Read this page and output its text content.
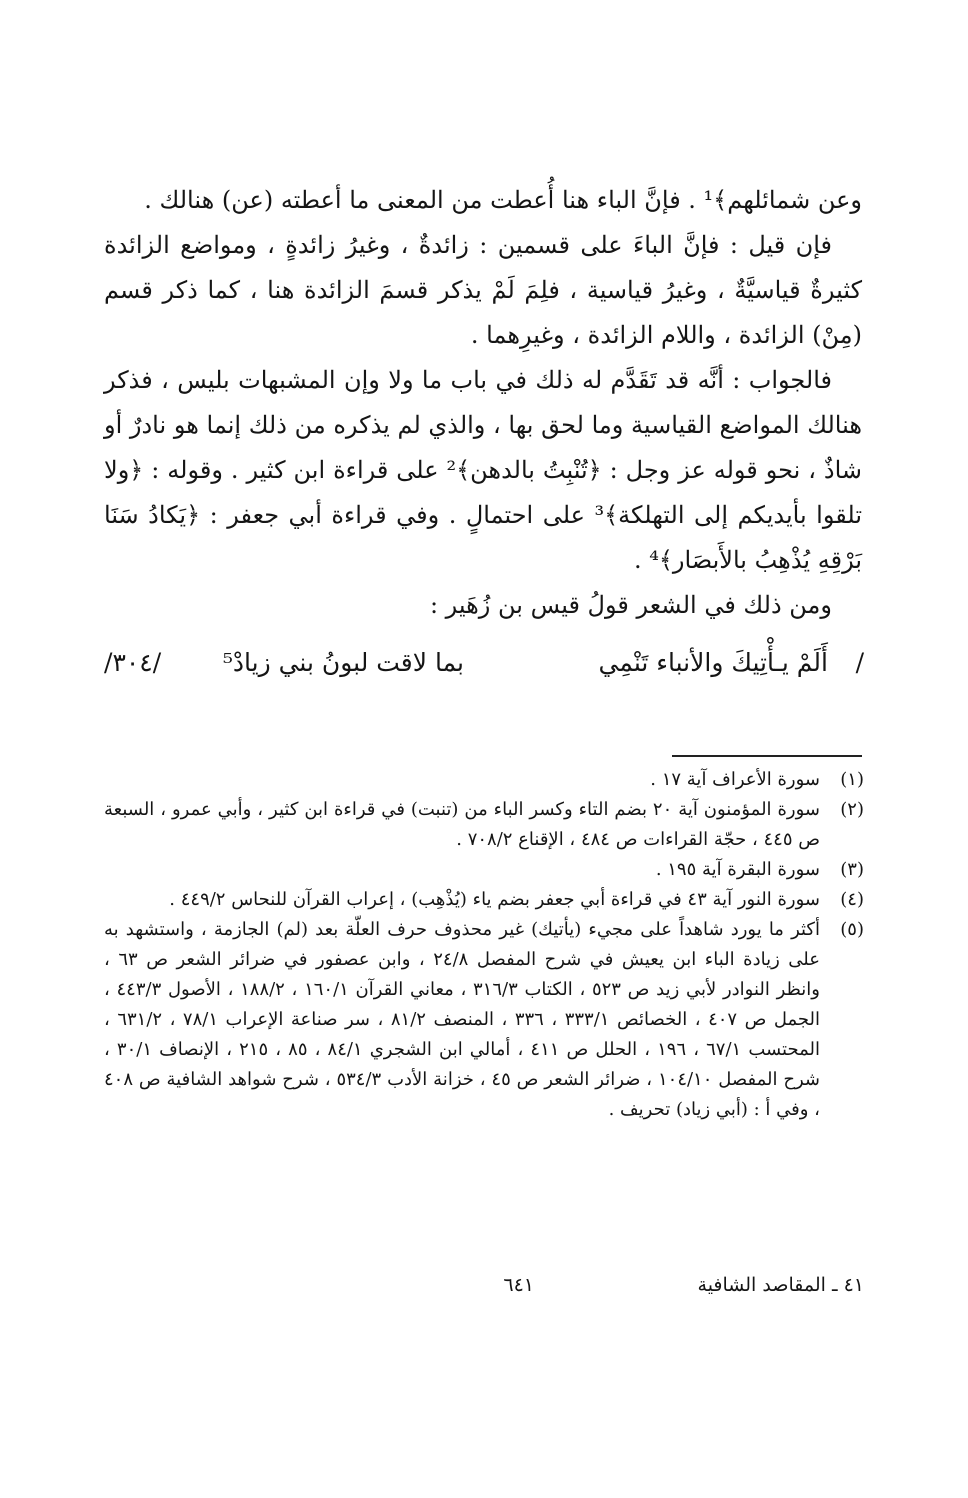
وعن شمائلهم﴾¹ . فإنَّ الباء هنا أُعطت من المعنى ما أعطته (عن) هنالك .

فإن قيل : فإنَّ الباءَ على قسمين : زائدةٌ ، وغيرُ زائدةٍ ، ومواضع الزائدة كثيرةٌ قياسيَّةٌ ، وغيرُ قياسية ، فلِمَ لَمْ يذكر قسمَ الزائدة هنا ، كما ذكر قسم (مِنْ) الزائدة ، واللام الزائدة ، وغيرِهما .

فالجواب : أنَّه قد تَقَدَّم له ذلك في باب ما ولا وإن المشبهات بليس ، فذكر هنالك المواضع القياسية وما لحق بها ، والذي لم يذكره من ذلك إنما هو نادرٌ أو شاذٌ ، نحو قوله عز وجل : ﴿تُنْبِتُ بالدهن﴾² على قراءة ابن كثير . وقوله : ﴿ولا تلقوا بأيديكم إلى التهلكة﴾³ على احتمالٍ . وفي قراءة أبي جعفر : ﴿يَكادُ سَنَا بَرْقِهِ يُذْهِبُ بالأَبصَار﴾⁴ .

ومن ذلك في الشعر قولُ قيس بن زُهَير :

/
أَلَمْ يـأْتِيكَ والأنباء تَنْمِي
بما لاقت لبونُ بني زيادْ⁵
/٣٠٤/
(١)
سورة الأعراف آية ١٧ .
(٢)
سورة المؤمنون آية ٢٠ بضم التاء وكسر الباء من (تنبت) في قراءة ابن كثير ، وأبي عمرو ، السبعة ص ٤٤٥ ، حجّة القراءات ص ٤٨٤ ، الإقناع ٧٠٨/٢ .
(٣)
سورة البقرة آية ١٩٥ .
(٤)
سورة النور آية ٤٣ في قراءة أبي جعفر بضم ياء (يُذْهِب) ، إعراب القرآن للنحاس ٤٤٩/٢ .
(٥)
أكثر ما يورد شاهداً على مجيء (يأتيك) غير محذوف حرف العلّة بعد (لم) الجازمة ، واستشهد به على زيادة الباء ابن يعيش في شرح المفصل ٢٤/٨ ، وابن عصفور في ضرائر الشعر ص ٦٣ ، وانظر النوادر لأبي زيد ص ٥٢٣ ، الكتاب ٣١٦/٣ ، معاني القرآن ١٦٠/١ ، ١٨٨/٢ ، الأصول ٤٤٣/٣ ، الجمل ص ٤٠٧ ، الخصائص ٣٣٣/١ ، ٣٣٦ ، المنصف ٨١/٢ ، سر صناعة الإعراب ٧٨/١ ، ٦٣١/٢ ، المحتسب ٦٧/١ ، ١٩٦ ، الحلل ص ٤١١ ، أمالي ابن الشجري ٨٤/١ ، ٨٥ ، ٢١٥ ، الإنصاف ٣٠/١ ، شرح المفصل ١٠٤/١٠ ، ضرائر الشعر ص ٤٥ ، خزانة الأدب ٥٣٤/٣ ، شرح شواهد الشافية ص ٤٠٨ ، وفي أ : (أبي زياد) تحريف .
٤١ ـ المقاصد الشافية
٦٤١
